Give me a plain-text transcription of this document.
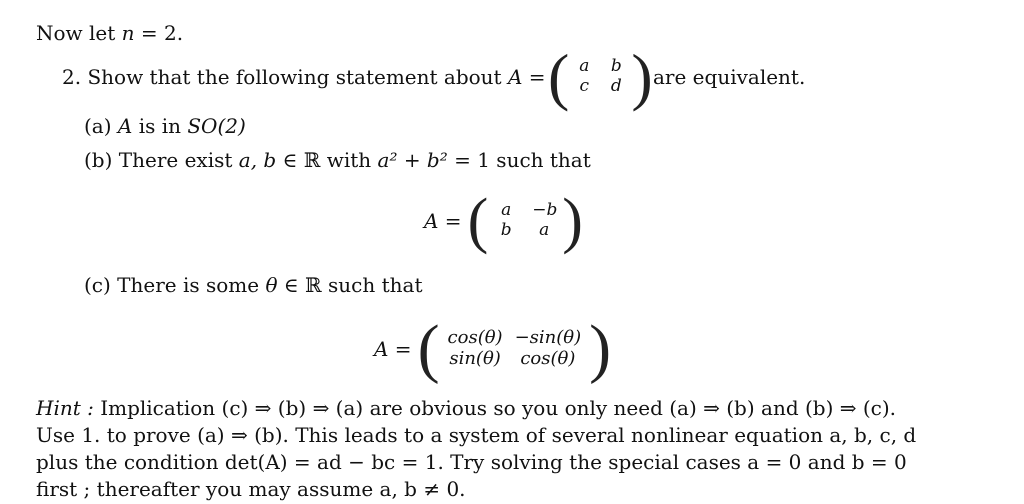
Now let n = 2.
2. Show that the following statement about A = ( a b
c d ) are equivalent.
(a) A is in SO(2)
(b) There exist a, b ∈ ℝ with a² + b² = 1 such that
A = ( a	−b
b	a )
(c) There is some θ ∈ ℝ such that
A = ( cos(θ) −sin(θ)
sin(θ)	cos(θ) )

Hint : Implication (c) ⇒ (b) ⇒ (a) are obvious so you only need (a) ⇒ (b) and (b) ⇒ (c).

Use 1. to prove (a) ⇒ (b). This leads to a system of several nonlinear equation a, b, c, d

plus the condition det(A) = ad − bc = 1. Try solving the special cases a = 0 and b = 0

first ; thereafter you may assume a, b ≠ 0.
